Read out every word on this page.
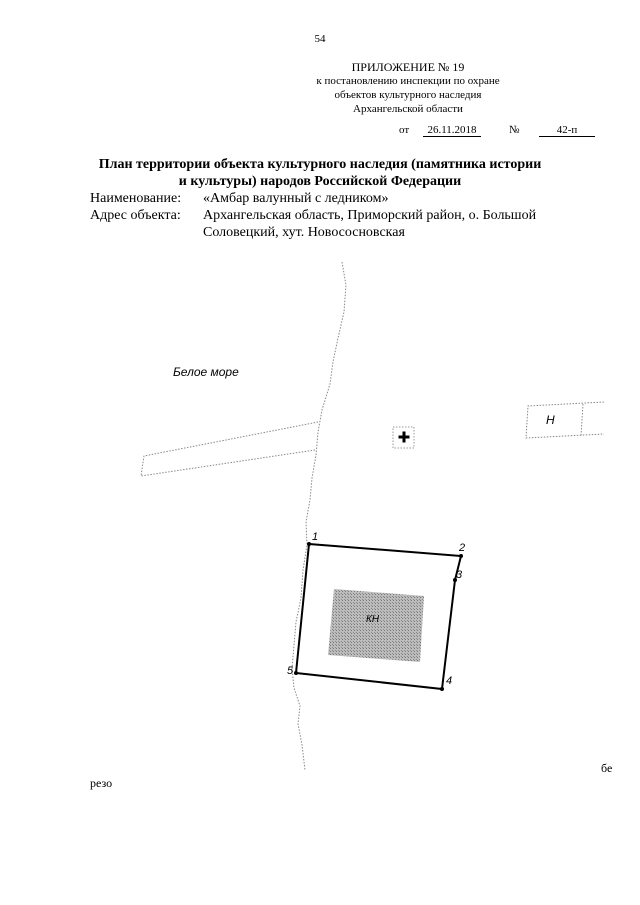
54
ПРИЛОЖЕНИЕ № 19
к постановлению инспекции по охране
объектов культурного наследия
Архангельской области
от	26.11.2018	№	42-п
План территории объекта культурного наследия (памятника истории
и культуры) народов Российской Федерации
Наименование: «Амбар валунный с ледником»
Адрес объекта: Архангельская область, Приморский район, о. Большой
Соловецкий, хут. Новососновская
Белое море
Н
КН
1
2
3
4
5
резо
бе
